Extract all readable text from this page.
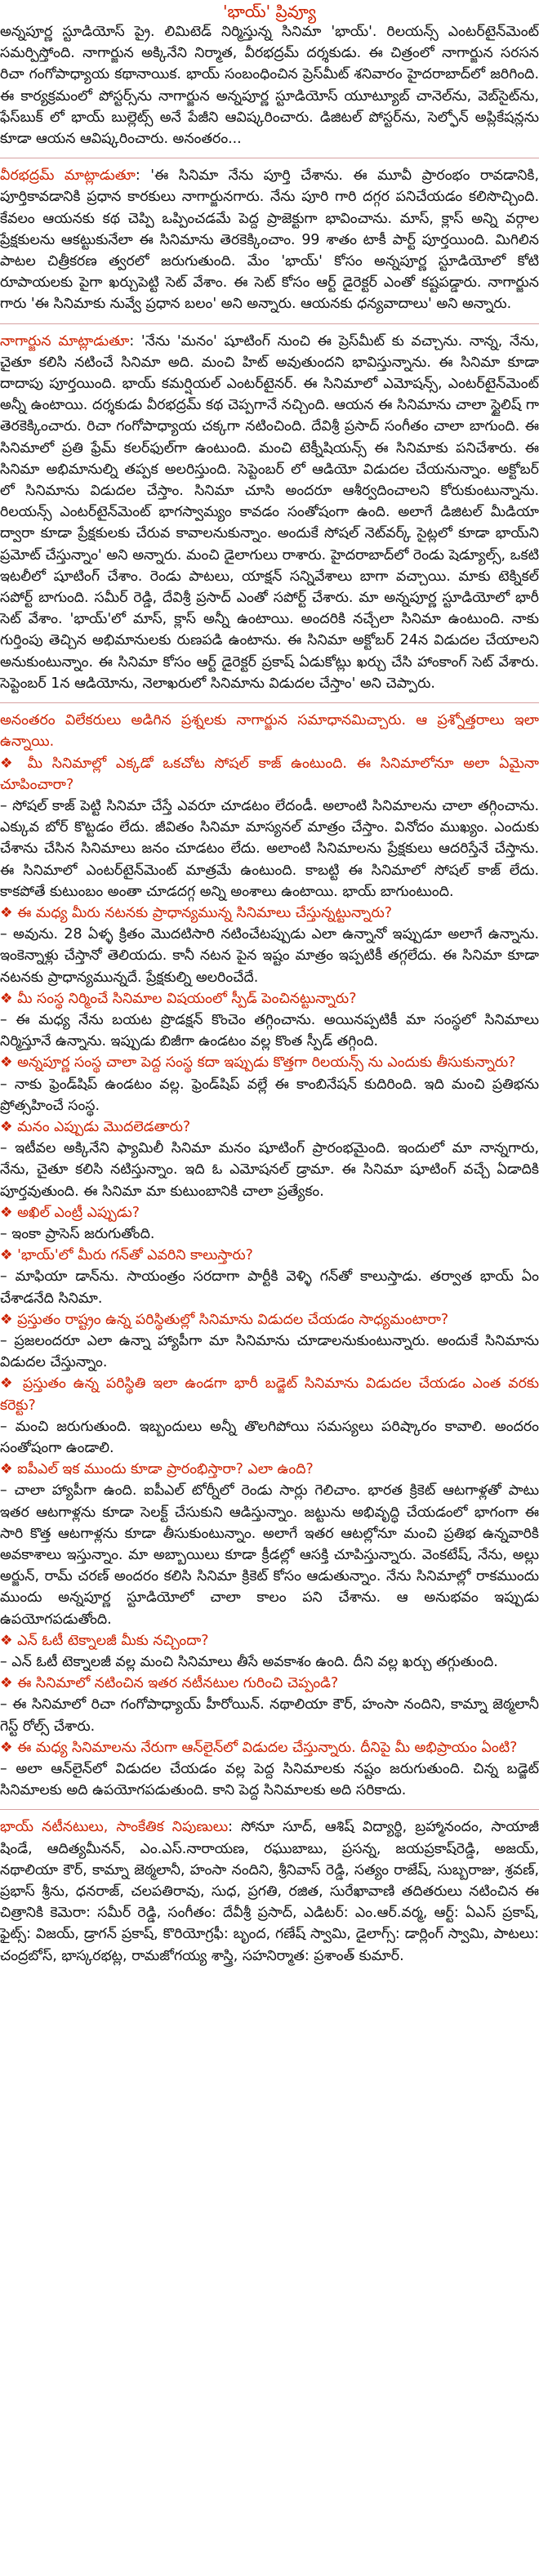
'భాయ్' ప్రివ్యూ

అన్నపూర్ణ స్టూడియోస్ ప్రై. లిమిటెడ్ నిర్మిస్తున్న సినిమా 'భాయ్'. రిలయన్స్ ఎంటర్‌టైన్‌మెంట్ సమర్పిస్తోంది. నాగార్జున అక్కినేని నిర్మాత, వీరభద్రమ్ దర్శకుడు. ఈ చిత్రంలో నాగార్జున సరసన రిచా గంగోపాధ్యాయ కథానాయిక. భాయ్ సంబంధించిన ప్రెస్‌మీట్ శనివారం హైదరాబాద్‌లో జరిగింది. ఈ కార్యక్రమంలో పోస్టర్స్‌ను నాగార్జున అన్నపూర్ణ స్టూడియోస్ యూట్యూబ్ చానెల్‌ను, వెబ్‌సైట్‌ను, ఫేస్‌బుక్ లో భాయ్ బుల్లెట్స్ అనే పేజీని ఆవిష్కరించారు. డిజిటల్ పోస్టర్‌ను, సెల్ఫోన్ అప్లికేషన్లను కూడా ఆయన ఆవిష్కరించారు. అనంతరం...

వీరభద్రమ్ మాట్లాడుతూ: 'ఈ సినిమా నేను పూర్తి చేశాను. ఈ మూవీ ప్రారంభం రావడానికి, పూర్తికావడానికి ప్రధాన కారకులు నాగార్జునగారు. నేను పూరి గారి దగ్గర పనిచేయడం కలిసొచ్చింది. కేవలం ఆయనకు కథ చెప్పి ఒప్పించడమే పెద్ద ప్రాజెక్టుగా భావించాను. మాస్, క్లాస్ అన్ని వర్గాల ప్రేక్షకులను ఆకట్టుకునేలా ఈ సినిమాను తెరకెక్కించాం. 99 శాతం టాకీ పార్ట్ పూర్తయింది. మిగిలిన పాటల చిత్రీకరణ త్వరలో జరుగుతుంది. మేం 'భాయ్' కోసం అన్నపూర్ణ స్టూడియోలో కోటి రూపాయలకు పైగా ఖర్చుపెట్టి సెట్ వేశాం. ఈ సెట్ కోసం ఆర్ట్ డైరెక్టర్ ఎంతో కష్టపడ్డారు. నాగార్జున గారు 'ఈ సినిమాకు నువ్వే ప్రధాన బలం' అని అన్నారు. ఆయనకు ధన్యవాదాలు' అని అన్నారు.

నాగార్జున మాట్లాడుతూ: 'నేను 'మనం' షూటింగ్ నుంచి ఈ ప్రెస్‌మీట్ కు వచ్చాను. నాన్న, నేను, చైతూ కలిసి నటించే సినిమా అది. మంచి హిట్ అవుతుందని భావిస్తున్నాను. ఈ సినిమా కూడా దాదాపు పూర్తయింది. భాయ్ కమర్షియల్ ఎంటర్‌టైనర్. ఈ సినిమాలో ఎమోషన్స్, ఎంటర్‌టైన్‌మెంట్ అన్నీ ఉంటాయి. దర్శకుడు వీరభద్రమ్ కథ చెప్పగానే నచ్చింది. ఆయన ఈ సినిమాను చాలా స్టైలిష్ గా తెరకెక్కించారు. రిచా గంగోపాధ్యాయ చక్కగా నటించింది. దేవిశ్రీ ప్రసాద్ సంగీతం చాలా బాగుంది. ఈ సినిమాలో ప్రతి ఫ్రేమ్ కలర్‌ఫుల్‌గా ఉంటుంది. మంచి టెక్నీషియన్స్ ఈ సినిమాకు పనిచేశారు. ఈ సినిమా అభిమానుల్ని తప్పక అలరిస్తుంది. సెప్టెంబర్ లో ఆడియో విడుదల చేయనున్నాం. అక్టోబర్ లో సినిమాను విడుదల చేస్తాం. సినిమా చూసి అందరూ ఆశీర్వదించాలని కోరుకుంటున్నాను. రిలయన్స్ ఎంటర్‌టైన్‌మెంట్ భాగస్వామ్యం కావడం సంతోషంగా ఉంది. అలాగే డిజిటల్ మీడియా ద్వారా కూడా ప్రేక్షకులకు చేరువ కావాలనుకున్నాం. అందుకే సోషల్ నెట్‌వర్క్ సైట్లలో కూడా భాయ్‌ని ప్రమోట్ చేస్తున్నాం' అని అన్నారు. మంచి డైలాగులు రాశారు. హైదరాబాద్‌లో రెండు షెడ్యూల్స్, ఒకటి ఇటలీలో షూటింగ్ చేశాం. రెండు పాటలు, యాక్షన్ సన్నివేశాలు బాగా వచ్చాయి. మాకు టెక్నికల్ సపోర్ట్ బాగుంది. సమీర్ రెడ్డి, దేవిశ్రీ ప్రసాద్ ఎంతో సపోర్ట్ చేశారు. మా అన్నపూర్ణ స్టూడియోలో భారీ సెట్ వేశాం. 'భాయ్'లో మాస్, క్లాస్ అన్నీ ఉంటాయి. అందరికి నచ్చేలా సినిమా ఉంటుంది. నాకు గుర్తింపు తెచ్చిన అభిమానులకు రుణపడి ఉంటాను. ఈ సినిమా అక్టోబర్ 24న విడుదల చేయాలని అనుకుంటున్నాం. ఈ సినిమా కోసం ఆర్ట్ డైరెక్టర్ ప్రకాష్ ఏడుకోట్లు ఖర్చు చేసి హాంకాంగ్ సెట్ వేశారు. సెప్టెంబర్ 1న ఆడియోను, నెలాఖరులో సినిమాను విడుదల చేస్తాం' అని చెప్పారు.

అనంతరం విలేకరులు అడిగిన ప్రశ్నలకు నాగార్జున సమాధానమిచ్చారు. ఆ ప్రశ్నోత్తరాలు ఇలా ఉన్నాయి.

❖ మీ సినిమాల్లో ఎక్కడో ఒకచోట సోషల్ కాజ్ ఉంటుంది. ఈ సినిమాలోనూ అలా ఏమైనా చూపించారా?

– సోషల్ కాజ్ పెట్టి సినిమా చేస్తే ఎవరూ చూడటం లేదండీ. అలాంటి సినిమాలను చాలా తగ్గించాను. ఎక్కువ బోర్ కొట్టడం లేదు. జీవితం సినిమా మాస్యనల్ మాత్రం చేస్తాం. వినోదం ముఖ్యం. ఎందుకు చేశాను చేసిన సినిమాలు జనం చూడటం లేదు. అలాంటి సినిమాలను ప్రేక్షకులు ఆదరిస్తేనే చేస్తాను. ఈ సినిమాలో ఎంటర్‌టైన్‌మెంట్ మాత్రమే ఉంటుంది. కాబట్టి ఈ సినిమాలో సోషల్ కాజ్ లేదు. కాకపోతే కుటుంబం అంతా చూడదగ్గ అన్ని అంశాలు ఉంటాయి. భాయ్ బాగుంటుంది.

❖ ఈ మధ్య మీరు నటనకు ప్రాధాన్యమున్న సినిమాలు చేస్తున్నట్టున్నారు?

– అవును. 28 ఏళ్ళ క్రితం మొదటిసారి నటించేటప్పుడు ఎలా ఉన్నానో ఇప్పుడూ అలాగే ఉన్నాను. ఇంకెన్నాళ్లు చేస్తానో తెలియదు. కానీ నటన పైన ఇష్టం మాత్రం ఇప్పటికీ తగ్గలేదు. ఈ సినిమా కూడా నటనకు ప్రాధాన్యమున్నదే. ప్రేక్షకుల్ని అలరించేదే.

❖ మీ సంస్థ నిర్మించే సినిమాల విషయంలో స్పీడ్ పెంచినట్టున్నారు?

– ఈ మధ్య నేను బయట ప్రొడక్షన్ కొంచెం తగ్గించాను. అయినప్పటికీ మా సంస్థలో సినిమాలు నిర్మిస్తూనే ఉన్నాను. ఇప్పుడు బిజీగా ఉండటం వల్ల కొంత స్పీడ్ తగ్గింది.

❖ అన్నపూర్ణ సంస్థ చాలా పెద్ద సంస్థ కదా ఇప్పుడు కొత్తగా రిలయన్స్ ను ఎందుకు తీసుకున్నారు?

– నాకు ఫ్రెండ్‌షిప్ ఉండటం వల్ల. ఫ్రెండ్‌షిప్ వల్లే ఈ కాంబినేషన్ కుదిరింది. ఇది మంచి ప్రతిభను ప్రోత్సహించే సంస్థ.

❖ మనం ఎప్పుడు మొదలెడతారు?

– ఇటీవల అక్కినేని ఫ్యామిలీ సినిమా మనం షూటింగ్ ప్రారంభమైంది. ఇందులో మా నాన్నగారు, నేను, చైతూ కలిసి నటిస్తున్నాం. ఇది ఓ ఎమోషనల్ డ్రామా. ఈ సినిమా షూటింగ్ వచ్చే ఏడాదికి పూర్తవుతుంది. ఈ సినిమా మా కుటుంబానికి చాలా ప్రత్యేకం.

❖ అఖిల్ ఎంట్రీ ఎప్పుడు?

– ఇంకా ప్రాసెస్ జరుగుతోంది.

❖ 'భాయ్'లో మీరు గన్‌తో ఎవరిని కాలుస్తారు?

– మాఫియా డాన్‌ను. సాయంత్రం సరదాగా పార్టీకి వెళ్ళి గన్‌తో కాలుస్తాడు. తర్వాత భాయ్ ఏం చేశాడనేది సినిమా.

❖ ప్రస్తుతం రాష్ట్రం ఉన్న పరిస్థితుల్లో సినిమాను విడుదల చేయడం సాధ్యమంటారా?

– ప్రజలందరూ ఎలా ఉన్నా హ్యాపీగా మా సినిమాను చూడాలనుకుంటున్నారు. అందుకే సినిమాను విడుదల చేస్తున్నాం.

❖ ప్రస్తుతం ఉన్న పరిస్థితి ఇలా ఉండగా భారీ బడ్జెట్ సినిమాను విడుదల చేయడం ఎంత వరకు కరెక్టు?

– మంచి జరుగుతుంది. ఇబ్బందులు అన్నీ తొలగిపోయి సమస్యలు పరిష్కారం కావాలి. అందరం సంతోషంగా ఉండాలి.

❖ ఐపీఎల్ ఇక ముందు కూడా ప్రారంభిస్తారా? ఎలా ఉంది?

– చాలా హ్యాపీగా ఉంది. ఐపీఎల్ టోర్నీలో రెండు సార్లు గెలిచాం. భారత క్రికెట్ ఆటగాళ్లతో పాటు ఇతర ఆటగాళ్లను కూడా సెలక్ట్ చేసుకుని ఆడిస్తున్నాం. జట్టును అభివృద్ధి చేయడంలో భాగంగా ఈ సారి కొత్త ఆటగాళ్లను కూడా తీసుకుంటున్నాం. అలాగే ఇతర ఆటల్లోనూ మంచి ప్రతిభ ఉన్నవారికి అవకాశాలు ఇస్తున్నాం. మా అబ్బాయిలు కూడా క్రీడల్లో ఆసక్తి చూపిస్తున్నారు. వెంకటేష్, నేను, అల్లు అర్జున్, రామ్ చరణ్ అందరం కలిసి సినిమా క్రికెట్ కోసం ఆడుతున్నాం. నేను సినిమాల్లో రాకముందు ముందు అన్నపూర్ణ స్టూడియోలో చాలా కాలం పని చేశాను. ఆ అనుభవం ఇప్పుడు ఉపయోగపడుతోంది.

❖ ఎన్ ఓటీ టెక్నాలజీ మీకు నచ్చిందా?

– ఎన్ ఓటీ టెక్నాలజీ వల్ల మంచి సినిమాలు తీసే అవకాశం ఉంది. దీని వల్ల ఖర్చు తగ్గుతుంది.

❖ ఈ సినిమాలో నటించిన ఇతర నటీనటుల గురించి చెప్పండి?

– ఈ సినిమాలో రిచా గంగోపాధ్యాయ్ హీరోయిన్. నథాలియా కౌర్, హంసా నందిని, కామ్నా జెఠ్మలానీ గెస్ట్ రోల్స్ చేశారు.

❖ ఈ మధ్య సినిమాలను నేరుగా ఆన్‌లైన్‌లో విడుదల చేస్తున్నారు. దీనిపై మీ అభిప్రాయం ఏంటి?

– అలా ఆన్‌లైన్‌లో విడుదల చేయడం వల్ల పెద్ద సినిమాలకు నష్టం జరుగుతుంది. చిన్న బడ్జెట్ సినిమాలకు అది ఉపయోగపడుతుంది. కాని పెద్ద సినిమాలకు అది సరికాదు.

భాయ్ నటీనటులు, సాంకేతిక నిపుణులు: సోనూ సూద్, ఆశిష్ విద్యార్థి, బ్రహ్మానందం, సాయాజీ షిండే, ఆదిత్యమీనన్, ఎం.ఎస్.నారాయణ, రఘుబాబు, ప్రసన్న, జయప్రకాష్‌రెడ్డి, అజయ్, నథాలియా కౌర్, కామ్నా జెఠ్మలానీ, హంసా నందిని, శ్రీనివాస్ రెడ్డి, సత్యం రాజేష్, సుబ్బరాజు, శ్రవణ్, ప్రభాస్ శ్రీను, ధనరాజ్, చలపతిరావు, సుధ, ప్రగతి, రజిత, సురేఖావాణి తదితరులు నటించిన ఈ చిత్రానికి కెమెరా: సమీర్ రెడ్డి, సంగీతం: దేవీశ్రీ ప్రసాద్, ఎడిటర్: ఎం.ఆర్.వర్మ, ఆర్ట్: ఏఎస్ ప్రకాష్, ఫైట్స్: విజయ్, డ్రాగన్ ప్రకాష్, కొరియోగ్రఫీ: బృంద, గణేష్ స్వామి, డైలాగ్స్: డార్లింగ్ స్వామి, పాటలు: చంద్రబోస్, భాస్కరభట్ల, రామజోగయ్య శాస్త్రి, సహనిర్మాత: ప్రశాంత్ కుమార్.
